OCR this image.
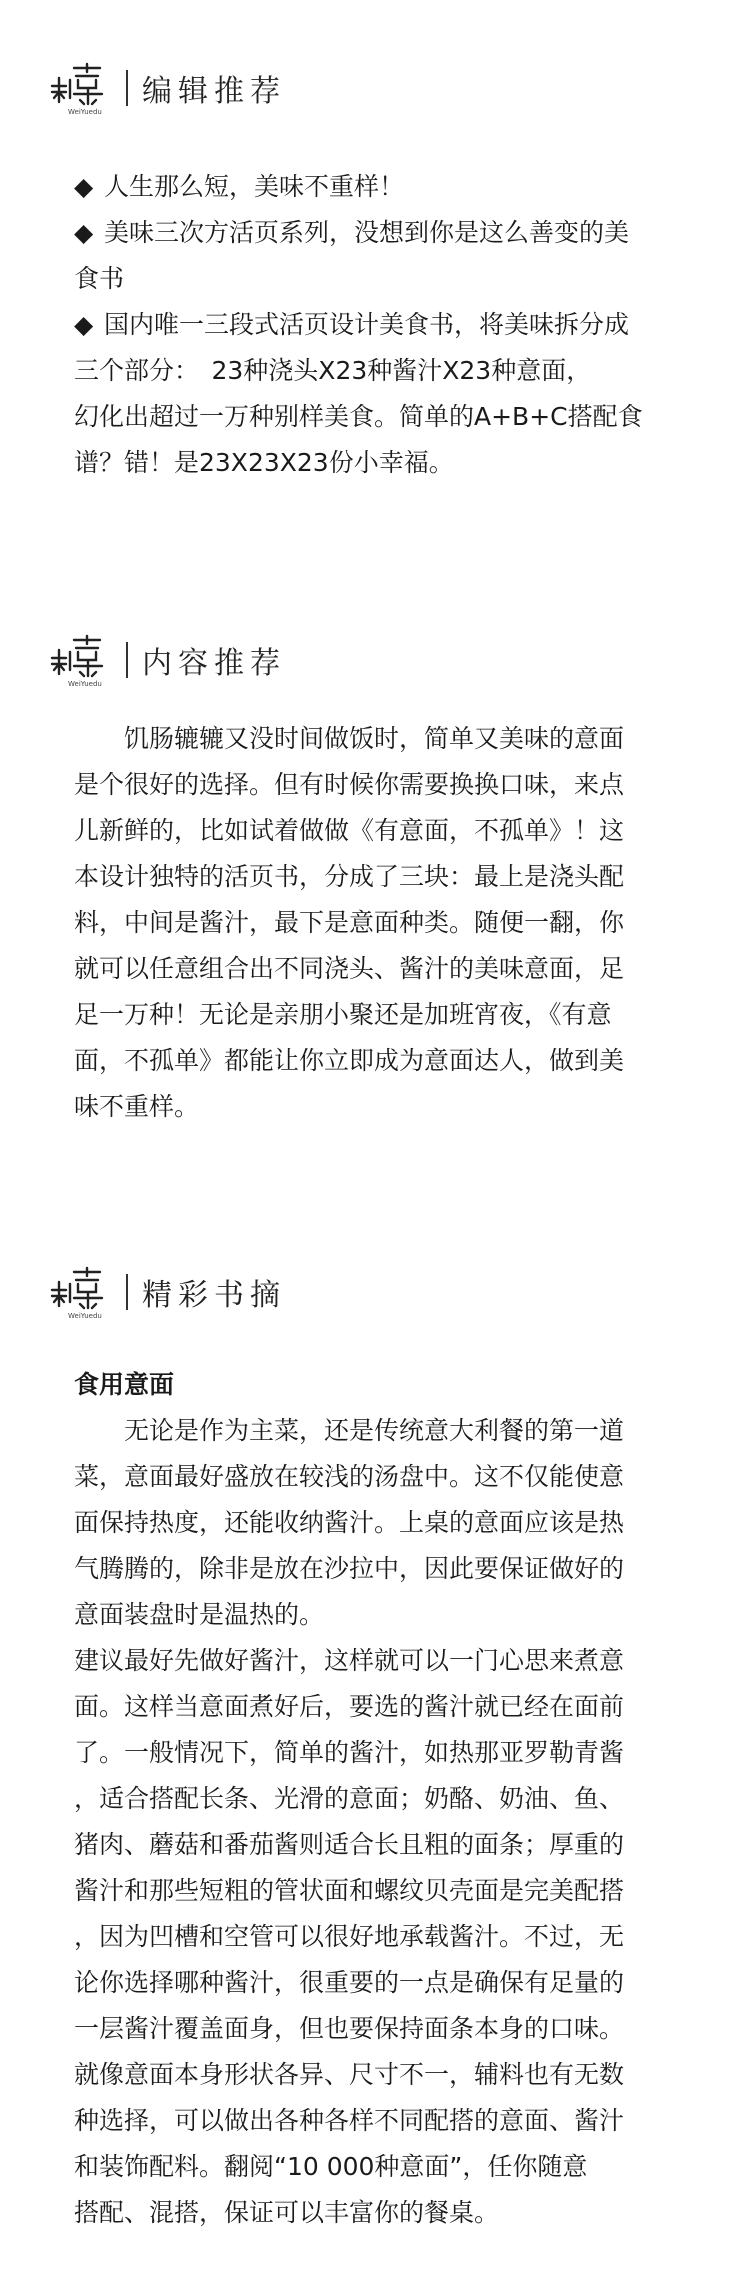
WeiYuedu
编辑推荐
◆ 人生那么短，美味不重样！
◆ 美味三次方活页系列，没想到你是这么善变的美
食书
◆ 国内唯一三段式活页设计美食书，将美味拆分成
三个部分：　23种浇头X23种酱汁X23种意面，
幻化出超过一万种别样美食。简单的A+B+C搭配食
谱？错！是23X23X23份小幸福。
WeiYuedu
内容推荐
饥肠辘辘又没时间做饭时，简单又美味的意面
是个很好的选择。但有时候你需要换换口味，来点
儿新鲜的，比如试着做做《有意面，不孤单》！这
本设计独特的活页书，分成了三块：最上是浇头配
料，中间是酱汁，最下是意面种类。随便一翻，你
就可以任意组合出不同浇头、酱汁的美味意面，足
足一万种！无论是亲朋小聚还是加班宵夜，《有意
面，不孤单》都能让你立即成为意面达人，做到美
味不重样。
WeiYuedu
精彩书摘
食用意面
　　无论是作为主菜，还是传统意大利餐的第一道
菜，意面最好盛放在较浅的汤盘中。这不仅能使意
面保持热度，还能收纳酱汁。上桌的意面应该是热
气腾腾的，除非是放在沙拉中，因此要保证做好的
意面装盘时是温热的。
建议最好先做好酱汁，这样就可以一门心思来煮意
面。这样当意面煮好后，要选的酱汁就已经在面前
了。一般情况下，简单的酱汁，如热那亚罗勒青酱
，适合搭配长条、光滑的意面；奶酪、奶油、鱼、
猪肉、蘑菇和番茄酱则适合长且粗的面条；厚重的
酱汁和那些短粗的管状面和螺纹贝壳面是完美配搭
，因为凹槽和空管可以很好地承载酱汁。不过，无
论你选择哪种酱汁，很重要的一点是确保有足量的
一层酱汁覆盖面身，但也要保持面条本身的口味。
就像意面本身形状各异、尺寸不一，辅料也有无数
种选择，可以做出各种各样不同配搭的意面、酱汁
和装饰配料。翻阅“10 000种意面”，任你随意
搭配、混搭，保证可以丰富你的餐桌。
